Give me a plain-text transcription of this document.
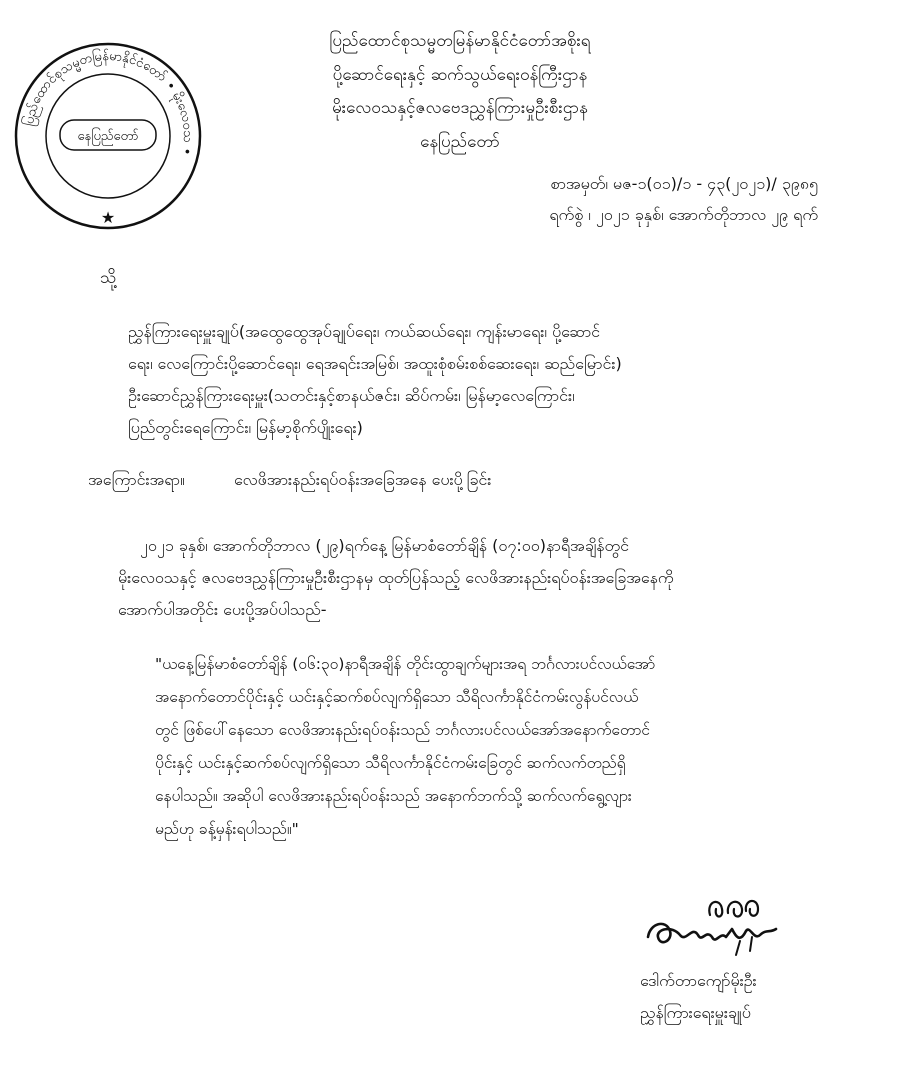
ပြည်ထောင်စုသမ္မတမြန်မာနိုင်ငံတော် • မိုးလေဝသ •
နေပြည်တော်
★
ပြည်ထောင်စုသမ္မတမြန်မာနိုင်ငံတော်အစိုးရ
ပို့ဆောင်ရေးနှင့် ဆက်သွယ်ရေးဝန်ကြီးဌာန
မိုးလေဝသနှင့်ဇလဗေဒညွှန်ကြားမှုဦးစီးဌာန
နေပြည်တော်
စာအမှတ်၊ မဇ-၁(၀၁)/၁ - ၄၃(၂၀၂၁)/ ၃၉၈၅
ရက်စွဲ ၊ ၂၀၂၁ ခုနှစ်၊ အောက်တိုဘာလ ၂၉ ရက်
သို့
ညွှန်ကြားရေးမှူးချုပ်(အထွေထွေအုပ်ချုပ်ရေး၊ ကယ်ဆယ်ရေး၊ ကျန်းမာရေး၊ ပို့ဆောင်
ရေး၊ လေကြောင်းပို့ဆောင်ရေး၊ ရေအရင်းအမြစ်၊ အထူးစုံစမ်းစစ်ဆေးရေး၊ ဆည်မြောင်း)
ဦးဆောင်ညွှန်ကြားရေးမှူး(သတင်းနှင့်စာနယ်ဇင်း၊ ဆိပ်ကမ်း၊ မြန်မာ့လေကြောင်း၊
ပြည်တွင်းရေကြောင်း၊ မြန်မာ့စိုက်ပျိုးရေး)
အကြောင်းအရာ။	လေဖိအားနည်းရပ်ဝန်းအခြေအနေ ပေးပို့ခြင်း
၂၀၂၁ ခုနှစ်၊ အောက်တိုဘာလ (၂၉)ရက်နေ့ မြန်မာစံတော်ချိန် (၀၇:၀၀)နာရီအချိန်တွင်
မိုးလေဝသနှင့် ဇလဗေဒညွှန်ကြားမှုဦးစီးဌာနမှ ထုတ်ပြန်သည့် လေဖိအားနည်းရပ်ဝန်းအခြေအနေကို
အောက်ပါအတိုင်း ပေးပို့အပ်ပါသည်-
"ယနေ့မြန်မာစံတော်ချိန် (၀၆:၃၀)နာရီအချိန် တိုင်းထွာချက်များအရ ဘင်္ဂလားပင်လယ်အော်
အနောက်တောင်ပိုင်းနှင့် ယင်းနှင့်ဆက်စပ်လျက်ရှိသော သီရိလင်္ကာနိုင်ငံကမ်းလွန်ပင်လယ်
တွင် ဖြစ်ပေါ်နေသော လေဖိအားနည်းရပ်ဝန်းသည် ဘင်္ဂလားပင်လယ်အော်အနောက်တောင်
ပိုင်းနှင့် ယင်းနှင့်ဆက်စပ်လျက်ရှိသော သီရိလင်္ကာနိုင်ငံကမ်းခြေတွင် ဆက်လက်တည်ရှိ
နေပါသည်။ အဆိုပါ လေဖိအားနည်းရပ်ဝန်းသည် အနောက်ဘက်သို့ ဆက်လက်ရွေ့လျား
မည်ဟု ခန့်မှန်းရပါသည်။"
ဒေါက်တာကျော်မိုးဦး
ညွှန်ကြားရေးမှူးချုပ်
